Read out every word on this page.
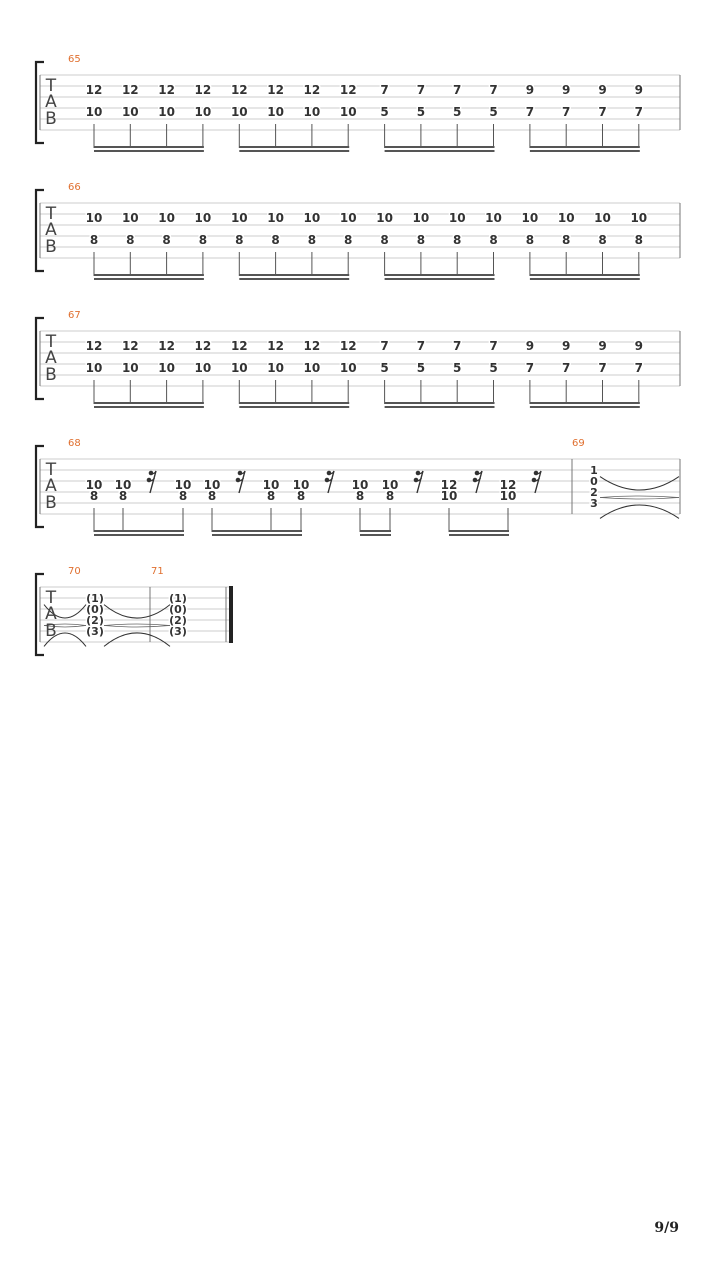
T
A
B
65
12
10
12
10
12
10
12
10
12
10
12
10
12
10
12
10
7
5
7
5
7
5
7
5
9
7
9
7
9
7
9
7
T
A
B
66
10
8
10
8
10
8
10
8
10
8
10
8
10
8
10
8
10
8
10
8
10
8
10
8
10
8
10
8
10
8
10
8
T
A
B
67
12
10
12
10
12
10
12
10
12
10
12
10
12
10
12
10
7
5
7
5
7
5
7
5
9
7
9
7
9
7
9
7
T
A
B
68	69
10
8
10
8
10
8
10
8
10
8
10
8
10
8
10
8
12
10
12
10
1
0
2
3
70	71
(1)
(0)
(2)
(3)
(1)
(0)
(2)
(3)
T
A
B
9/9
